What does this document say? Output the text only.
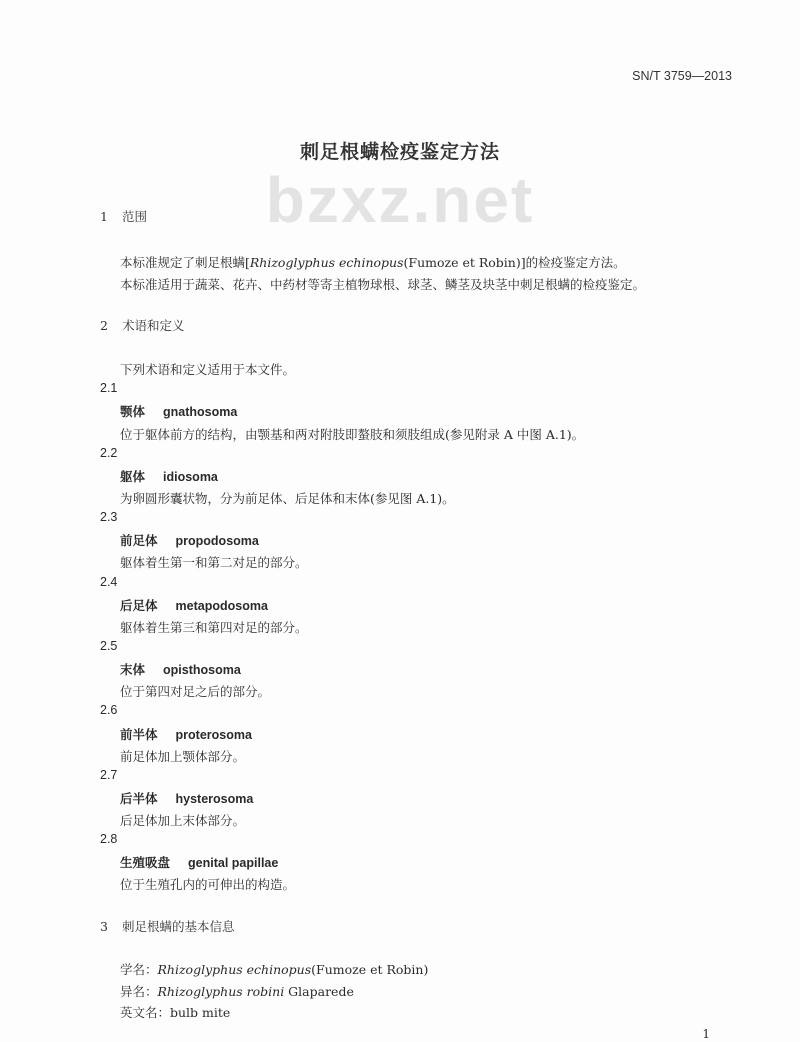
SN/T 3759—2013
刺足根螨检疫鉴定方法
bzxz.net
1 范围
本标准规定了刺足根螨[Rhizoglyphus echinopus(Fumoze et Robin)]的检疫鉴定方法。
本标准适用于蔬菜、花卉、中药材等寄主植物球根、球茎、鳞茎及块茎中刺足根螨的检疫鉴定。
2 术语和定义
下列术语和定义适用于本文件。
2.1
颚体 gnathosoma
位于躯体前方的结构，由颚基和两对附肢即螯肢和须肢组成(参见附录 A 中图 A.1)。
2.2
躯体 idiosoma
为卵圆形囊状物，分为前足体、后足体和末体(参见图 A.1)。
2.3
前足体 propodosoma
躯体着生第一和第二对足的部分。
2.4
后足体 metapodosoma
躯体着生第三和第四对足的部分。
2.5
末体 opisthosoma
位于第四对足之后的部分。
2.6
前半体 proterosoma
前足体加上颚体部分。
2.7
后半体 hysterosoma
后足体加上末体部分。
2.8
生殖吸盘 genital papillae
位于生殖孔内的可伸出的构造。
3 刺足根螨的基本信息
学名：Rhizoglyphus echinopus(Fumoze et Robin)
异名：Rhizoglyphus robini Glaparede
英文名：bulb mite
1
